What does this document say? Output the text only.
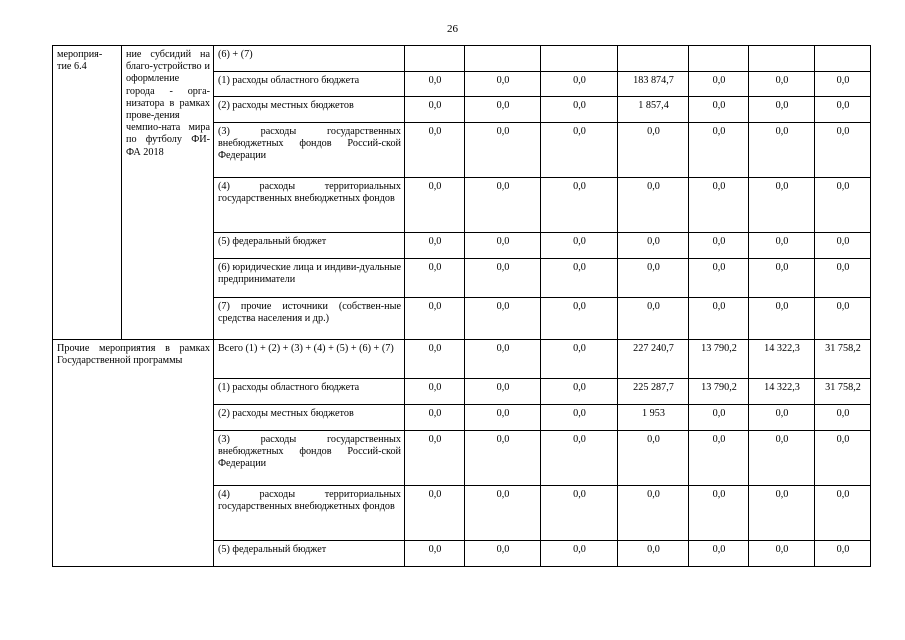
26
мероприя-
тие 6.4	ние субсидий на благо-​устройство и оформление города - орга-​низатора в рамках прове-​дения чемпио-​ната мира по футболу ФИ-​ФА 2018	(6) + (7)							
		(1) расходы областного бюджета	0,0	0,0	0,0	183 874,7	0,0	0,0	0,0
		(2) расходы местных бюджетов	0,0	0,0	0,0	1 857,4	0,0	0,0	0,0
		(3) расходы государственных внебюджетных фондов Россий-​ской Федерации	0,0	0,0	0,0	0,0	0,0	0,0	0,0
		(4) расходы территориальных государственных внебюджетных фондов	0,0	0,0	0,0	0,0	0,0	0,0	0,0
		(5) федеральный бюджет	0,0	0,0	0,0	0,0	0,0	0,0	0,0
		(6) юридические лица и индиви-​дуальные предприниматели	0,0	0,0	0,0	0,0	0,0	0,0	0,0
		(7) прочие источники (собствен-​ные средства населения и др.)	0,0	0,0	0,0	0,0	0,0	0,0	0,0
Прочие мероприятия в рамках Государственной программы		Всего (1) + (2) + (3) + (4) + (5) + (6) + (7)	0,0	0,0	0,0	227 240,7	13 790,2	14 322,3	31 758,2
		(1) расходы областного бюджета	0,0	0,0	0,0	225 287,7	13 790,2	14 322,3	31 758,2
		(2) расходы местных бюджетов	0,0	0,0	0,0	1 953	0,0	0,0	0,0
		(3) расходы государственных внебюджетных фондов Россий-​ской Федерации	0,0	0,0	0,0	0,0	0,0	0,0	0,0
		(4) расходы территориальных государственных внебюджетных фондов	0,0	0,0	0,0	0,0	0,0	0,0	0,0
		(5) федеральный бюджет	0,0	0,0	0,0	0,0	0,0	0,0	0,0
